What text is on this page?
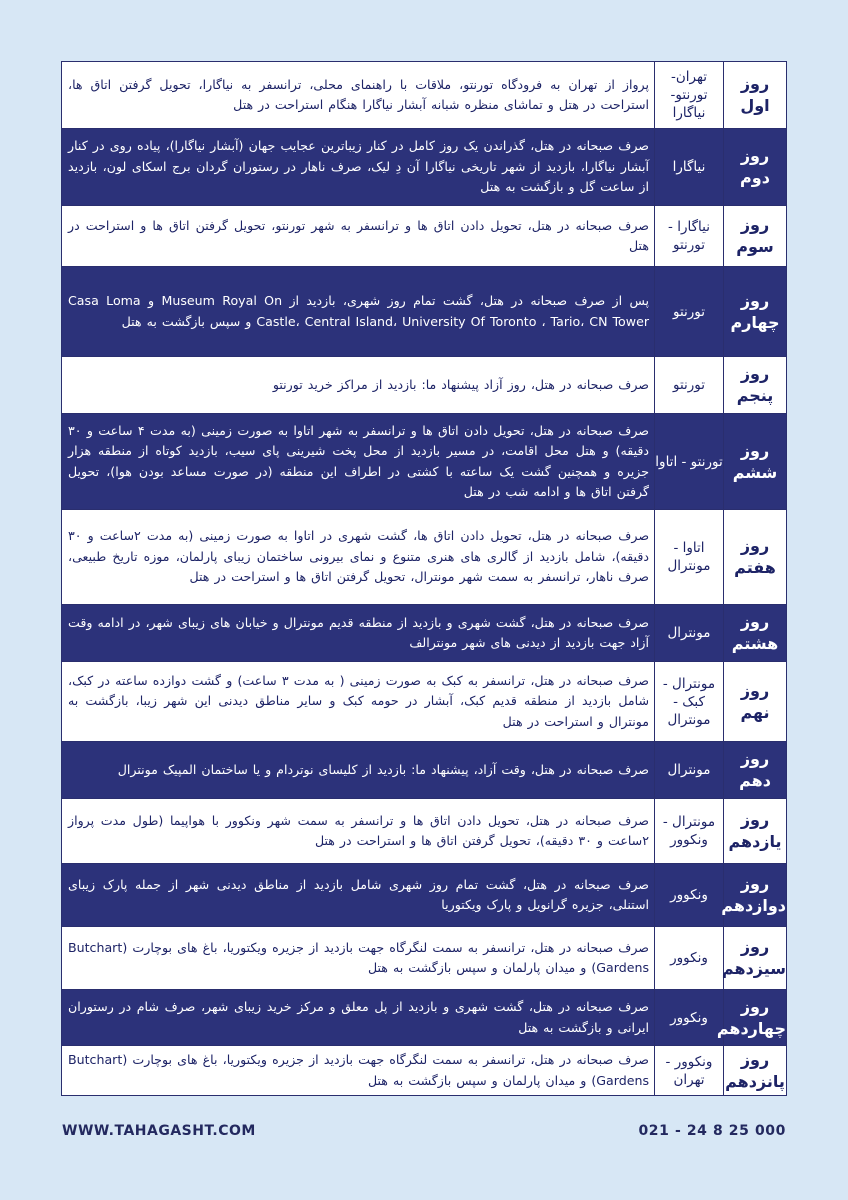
روز اول	تهران- تورنتو- نیاگارا	پرواز از تهران به فرودگاه تورنتو، ملاقات با راهنمای محلی، ترانسفر به نیاگارا، تحویل گرفتن اتاق ها، استراحت در هتل و تماشای منظره شبانه آبشار نیاگارا هنگام استراحت در هتل
روز دوم	نیاگارا	صرف صبحانه در هتل، گذراندن یک روز کامل در کنار زیباترین عجایب جهان (آبشار نیاگارا)، پیاده روی در کنار آبشار نیاگارا، بازدید از شهر تاریخی نیاگارا آن دِ لیک، صرف ناهار در رستوران گردان برج اسکای لون، بازدید از ساعت گل و بازگشت به هتل
روز سوم	نیاگارا - تورنتو	صرف صبحانه در هتل، تحویل دادن اتاق ها و ترانسفر به شهر تورنتو، تحویل گرفتن اتاق ها و استراحت در هتل
روز چهارم	تورنتو	پس از صرف صبحانه در هتل، گشت تمام روز شهری، بازدید از Museum Royal On و Casa Loma Castle، Central Island، University Of Toronto ، Tario، CN Tower و سپس بازگشت به هتل
روز پنجم	تورنتو	صرف صبحانه در هتل، روز آزاد پیشنهاد ما: بازدید از مراکز خرید تورنتو
روز ششم	تورنتو - اتاوا	صرف صبحانه در هتل، تحویل دادن اتاق ها و ترانسفر به شهر اتاوا به صورت زمینی (به مدت ۴ ساعت و ۳۰ دقیقه) و هتل محل اقامت، در مسیر بازدید از محل پخت شیرینی پای سیب، بازدید کوتاه از منطقه هزار جزیره و همچنین گشت یک ساعته با کشتی در اطراف این منطقه (در صورت مساعد بودن هوا)، تحویل گرفتن اتاق ها و ادامه شب در هتل
روز هفتم	اتاوا - مونترال	صرف صبحانه در هتل، تحویل دادن اتاق ها، گشت شهری در اتاوا به صورت زمینی (به مدت ۲ساعت و ۳۰ دقیقه)، شامل بازدید از گالری های هنری متنوع و نمای بیرونی ساختمان زیبای پارلمان، موزه تاریخ طبیعی، صرف ناهار، ترانسفر به سمت شهر مونترال، تحویل گرفتن اتاق ها و استراحت در هتل
روز هشتم	مونترال	صرف صبحانه در هتل، گشت شهری و بازدید از منطقه قدیم مونترال و خیابان های زیبای شهر، در ادامه وقت آزاد جهت بازدید از دیدنی های شهر مونترالف
روز نهم	مونترال - کبک - مونترال	صرف صبحانه در هتل، ترانسفر به کبک به صورت زمینی ( به مدت ۳ ساعت) و گشت دوازده ساعته در کبک، شامل بازدید از منطقه قدیم کبک، آبشار در حومه کبک و سایر مناطق دیدنی این شهر زیبا، بازگشت به مونترال و استراحت در هتل
روز دهم	مونترال	صرف صبحانه در هتل، وقت آزاد، پیشنهاد ما: بازدید از کلیسای نوتردام و یا ساختمان المپیک مونترال
روز یازدهم	مونترال - ونکوور	صرف صبحانه در هتل، تحویل دادن اتاق ها و ترانسفر به سمت شهر ونکوور با هواپیما (طول مدت پرواز ۲ساعت و ۳۰ دقیقه)، تحویل گرفتن اتاق ها و استراحت در هتل
روز دوازدهم	ونکوور	صرف صبحانه در هتل، گشت تمام روز شهری شامل بازدید از مناطق دیدنی شهر از جمله پارک زیبای استنلی، جزیره گرانویل و پارک ویکتوریا
روز سیزدهم	ونکوور	صرف صبحانه در هتل، ترانسفر به سمت لنگرگاه جهت بازدید از جزیره ویکتوریا، باغ های بوچارت (Butchart Gardens) و میدان پارلمان و سپس بازگشت به هتل
روز چهاردهم	ونکوور	صرف صبحانه در هتل، گشت شهری و بازدید از پل معلق و مرکز خرید زیبای شهر، صرف شام در رستوران ایرانی و بازگشت به هتل
روز پانزدهم	ونکوور - تهران	صرف صبحانه در هتل، ترانسفر به سمت لنگرگاه جهت بازدید از جزیره ویکتوریا، باغ های بوچارت (Butchart Gardens) و میدان پارلمان و سپس بازگشت به هتل
WWW.TAHAGASHT.COM	021 - 24 8 25 000
